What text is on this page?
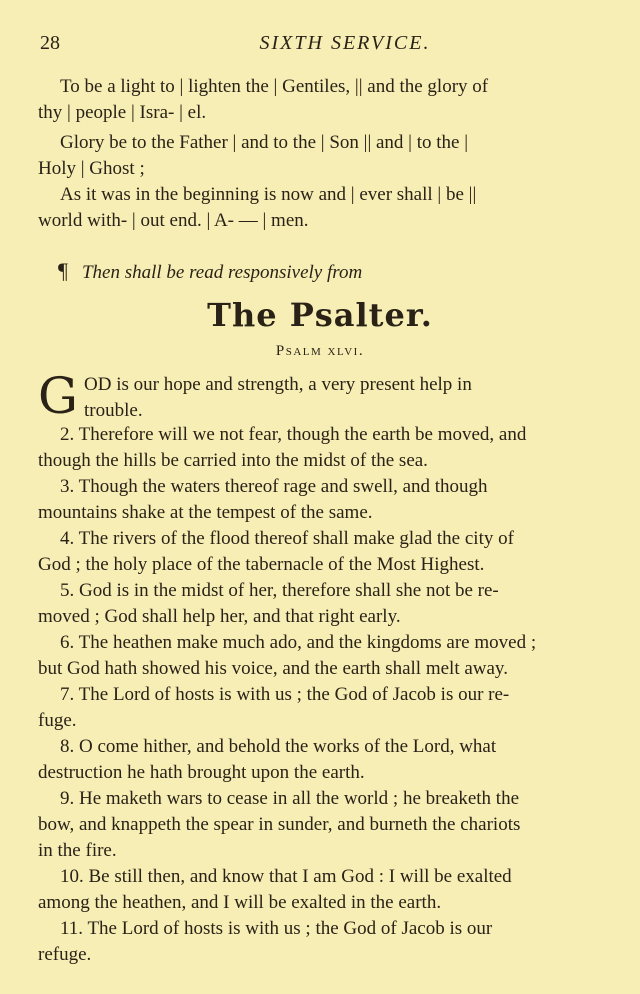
28	SIXTH SERVICE.
To be a light to | lighten the | Gentiles, || and the glory of
thy | people | Isra- | el.
Glory be to the Father | and to the | Son || and | to the |
Holy | Ghost ;
As it was in the beginning is now and | ever shall | be ||
world with- | out end. | A- — | men.
¶ Then shall be read responsively from
The Psalter.
Psalm xlvi.
G OD is our hope and strength, a very present help in
trouble.
2. Therefore will we not fear, though the earth be moved, and
though the hills be carried into the midst of the sea.
3. Though the waters thereof rage and swell, and though
mountains shake at the tempest of the same.
4. The rivers of the flood thereof shall make glad the city of
God ; the holy place of the tabernacle of the Most Highest.
5. God is in the midst of her, therefore shall she not be re-
moved ; God shall help her, and that right early.
6. The heathen make much ado, and the kingdoms are moved ;
but God hath showed his voice, and the earth shall melt away.
7. The Lord of hosts is with us ; the God of Jacob is our re-
fuge.
8. O come hither, and behold the works of the Lord, what
destruction he hath brought upon the earth.
9. He maketh wars to cease in all the world ; he breaketh the
bow, and knappeth the spear in sunder, and burneth the chariots
in the fire.
10. Be still then, and know that I am God : I will be exalted
among the heathen, and I will be exalted in the earth.
11. The Lord of hosts is with us ; the God of Jacob is our
refuge.
